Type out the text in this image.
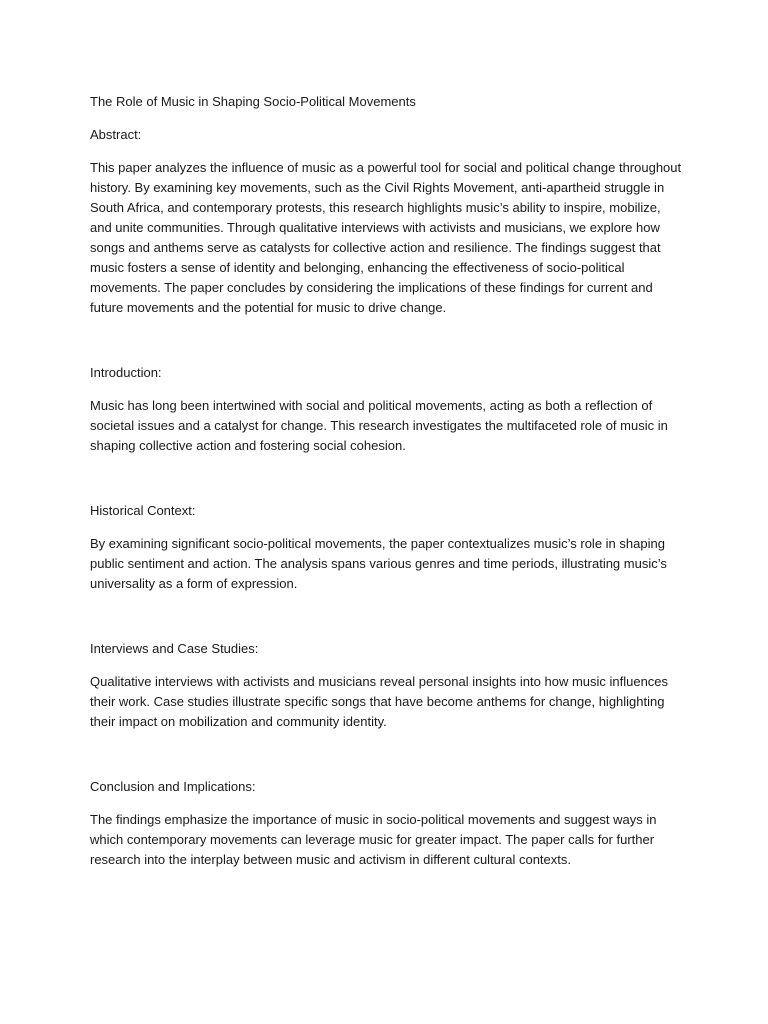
The Role of Music in Shaping Socio-Political Movements

Abstract:

This paper analyzes the influence of music as a powerful tool for social and political change throughout history. By examining key movements, such as the Civil Rights Movement, anti-apartheid struggle in South Africa, and contemporary protests, this research highlights music’s ability to inspire, mobilize, and unite communities. Through qualitative interviews with activists and musicians, we explore how songs and anthems serve as catalysts for collective action and resilience. The findings suggest that music fosters a sense of identity and belonging, enhancing the effectiveness of socio-political movements. The paper concludes by considering the implications of these findings for current and future movements and the potential for music to drive change.

Introduction:

Music has long been intertwined with social and political movements, acting as both a reflection of societal issues and a catalyst for change. This research investigates the multifaceted role of music in shaping collective action and fostering social cohesion.

Historical Context:

By examining significant socio-political movements, the paper contextualizes music’s role in shaping public sentiment and action. The analysis spans various genres and time periods, illustrating music’s universality as a form of expression.

Interviews and Case Studies:

Qualitative interviews with activists and musicians reveal personal insights into how music influences their work. Case studies illustrate specific songs that have become anthems for change, highlighting their impact on mobilization and community identity.

Conclusion and Implications:

The findings emphasize the importance of music in socio-political movements and suggest ways in which contemporary movements can leverage music for greater impact. The paper calls for further research into the interplay between music and activism in different cultural contexts.
